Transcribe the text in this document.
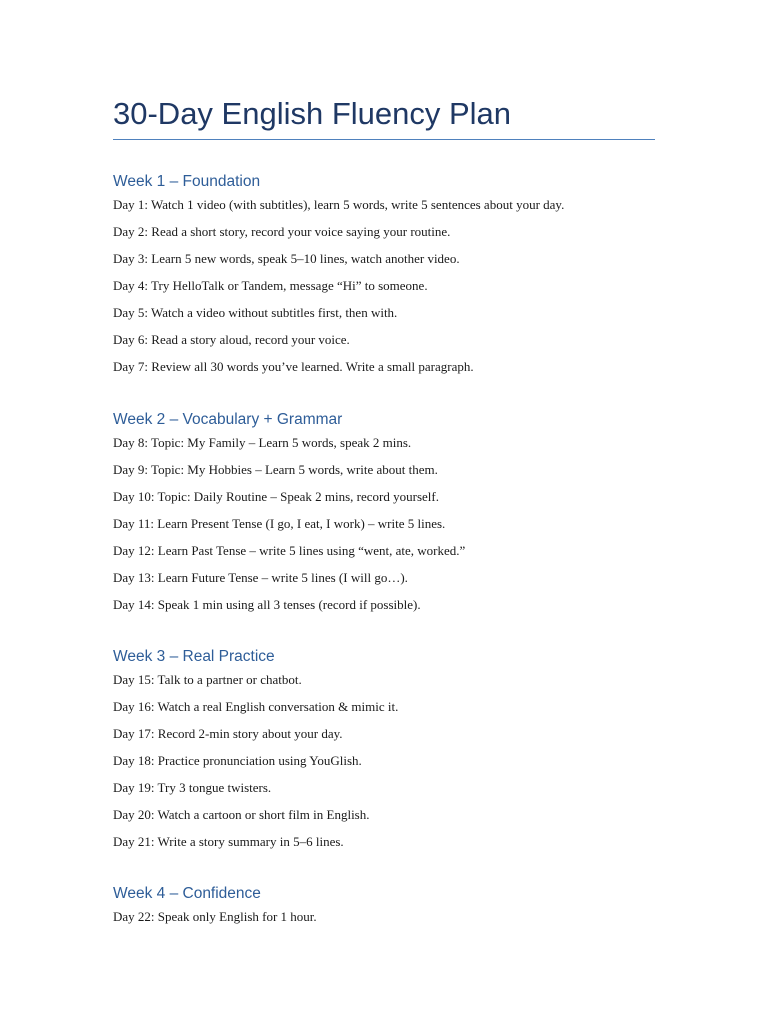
30-Day English Fluency Plan
Week 1 – Foundation
Day 1: Watch 1 video (with subtitles), learn 5 words, write 5 sentences about your day.
Day 2: Read a short story, record your voice saying your routine.
Day 3: Learn 5 new words, speak 5–10 lines, watch another video.
Day 4: Try HelloTalk or Tandem, message “Hi” to someone.
Day 5: Watch a video without subtitles first, then with.
Day 6: Read a story aloud, record your voice.
Day 7: Review all 30 words you’ve learned. Write a small paragraph.
Week 2 – Vocabulary + Grammar
Day 8: Topic: My Family – Learn 5 words, speak 2 mins.
Day 9: Topic: My Hobbies – Learn 5 words, write about them.
Day 10: Topic: Daily Routine – Speak 2 mins, record yourself.
Day 11: Learn Present Tense (I go, I eat, I work) – write 5 lines.
Day 12: Learn Past Tense – write 5 lines using “went, ate, worked.”
Day 13: Learn Future Tense – write 5 lines (I will go…).
Day 14: Speak 1 min using all 3 tenses (record if possible).
Week 3 – Real Practice
Day 15: Talk to a partner or chatbot.
Day 16: Watch a real English conversation & mimic it.
Day 17: Record 2-min story about your day.
Day 18: Practice pronunciation using YouGlish.
Day 19: Try 3 tongue twisters.
Day 20: Watch a cartoon or short film in English.
Day 21: Write a story summary in 5–6 lines.
Week 4 – Confidence
Day 22: Speak only English for 1 hour.
